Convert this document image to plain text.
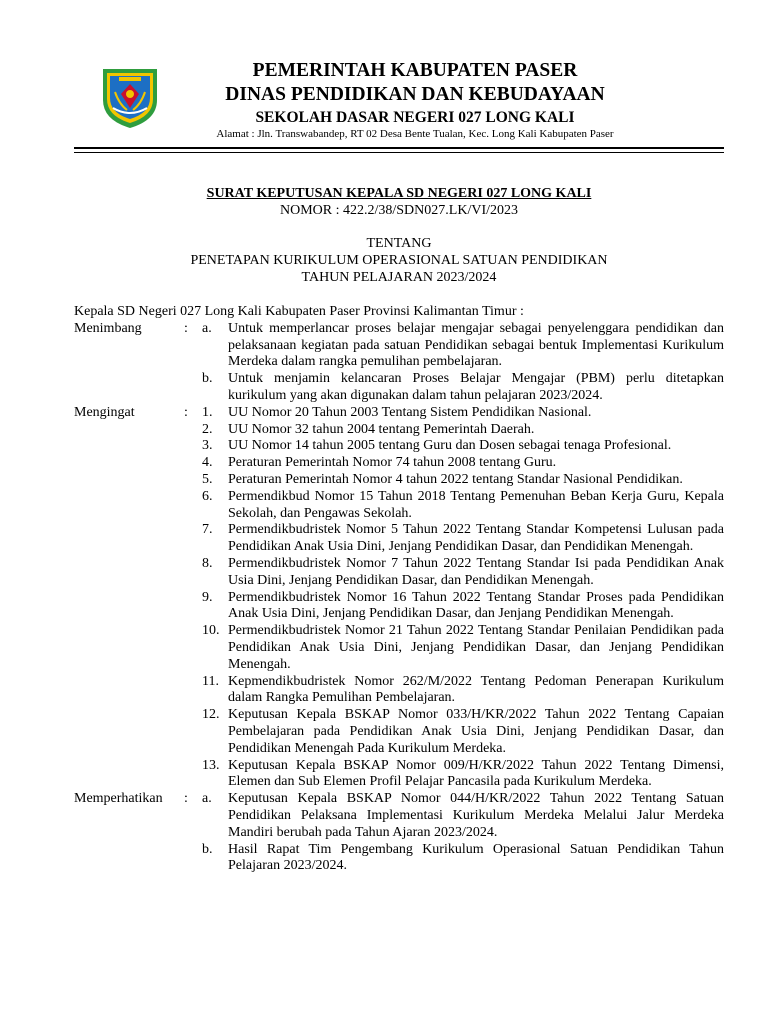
PEMERINTAH KABUPATEN PASER
DINAS PENDIDIKAN DAN KEBUDAYAAN
SEKOLAH DASAR NEGERI 027 LONG KALI
Alamat : Jln. Transwabandep, RT 02 Desa Bente Tualan, Kec. Long Kali Kabupaten Paser
SURAT KEPUTUSAN KEPALA SD NEGERI 027 LONG KALI
NOMOR : 422.2/38/SDN027.LK/VI/2023
TENTANG
PENETAPAN KURIKULUM OPERASIONAL SATUAN PENDIDIKAN
TAHUN PELAJARAN 2023/2024
Kepala SD Negeri 027 Long Kali Kabupaten Paser Provinsi Kalimantan Timur :
Menimbang	:	a.	Untuk memperlancar proses belajar mengajar sebagai penyelenggara pendidikan dan pelaksanaan kegiatan pada satuan Pendidikan sebagai bentuk Implementasi Kurikulum Merdeka dalam rangka pemulihan pembelajaran.
b.	Untuk menjamin kelancaran Proses Belajar Mengajar (PBM) perlu ditetapkan kurikulum yang akan digunakan dalam tahun pelajaran 2023/2024.
Mengingat	:	1.	UU Nomor 20 Tahun 2003 Tentang Sistem Pendidikan Nasional.
2.	UU Nomor 32 tahun 2004 tentang Pemerintah Daerah.
3.	UU Nomor 14 tahun 2005 tentang Guru dan Dosen sebagai tenaga Profesional.
4.	Peraturan Pemerintah Nomor 74 tahun 2008 tentang Guru.
5.	Peraturan Pemerintah Nomor 4 tahun 2022 tentang Standar Nasional Pendidikan.
6.	Permendikbud Nomor 15 Tahun 2018 Tentang Pemenuhan Beban Kerja Guru, Kepala Sekolah, dan Pengawas Sekolah.
7.	Permendikbudristek Nomor 5 Tahun 2022 Tentang Standar Kompetensi Lulusan pada Pendidikan Anak Usia Dini, Jenjang Pendidikan Dasar, dan Pendidikan Menengah.
8.	Permendikbudristek Nomor 7 Tahun 2022 Tentang Standar Isi pada Pendidikan Anak Usia Dini, Jenjang Pendidikan Dasar, dan Pendidikan Menengah.
9.	Permendikbudristek Nomor 16 Tahun 2022 Tentang Standar Proses pada Pendidikan Anak Usia Dini, Jenjang Pendidikan Dasar, dan Jenjang Pendidikan Menengah.
10. Permendikbudristek Nomor 21 Tahun 2022 Tentang Standar Penilaian Pendidikan pada Pendidikan Anak Usia Dini, Jenjang Pendidikan Dasar, dan Jenjang Pendidikan Menengah.
11. Kepmendikbudristek Nomor 262/M/2022 Tentang Pedoman Penerapan Kurikulum dalam Rangka Pemulihan Pembelajaran.
12. Keputusan Kepala BSKAP Nomor 033/H/KR/2022 Tahun 2022 Tentang Capaian Pembelajaran pada Pendidikan Anak Usia Dini, Jenjang Pendidikan Dasar, dan Pendidikan Menengah Pada Kurikulum Merdeka.
13. Keputusan Kepala BSKAP Nomor 009/H/KR/2022 Tahun 2022 Tentang Dimensi, Elemen dan Sub Elemen Profil Pelajar Pancasila pada Kurikulum Merdeka.
Memperhatikan	:	a.	Keputusan Kepala BSKAP Nomor 044/H/KR/2022 Tahun 2022 Tentang Satuan Pendidikan Pelaksana Implementasi Kurikulum Merdeka Melalui Jalur Merdeka Mandiri berubah pada Tahun Ajaran 2023/2024.
b.	Hasil Rapat Tim Pengembang Kurikulum Operasional Satuan Pendidikan Tahun Pelajaran 2023/2024.
